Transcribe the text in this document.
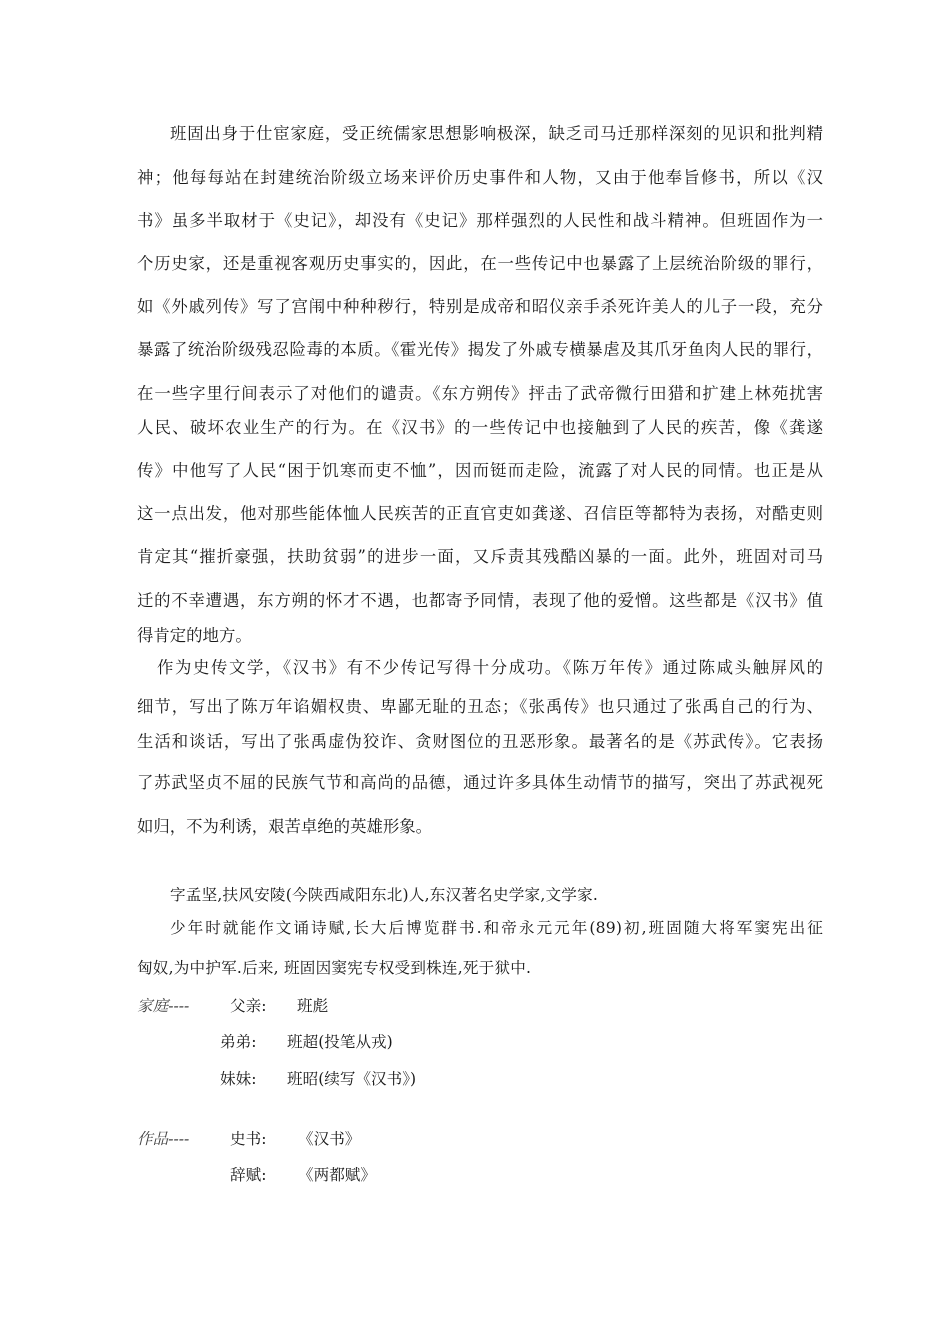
班固出身于仕宦家庭，受正统儒家思想影响极深，缺乏司马迁那样深刻的见识和批判精
神；他每每站在封建统治阶级立场来评价历史事件和人物，又由于他奉旨修书，所以《汉
书》虽多半取材于《史记》，却没有《史记》那样强烈的人民性和战斗精神。但班固作为一
个历史家，还是重视客观历史事实的，因此，在一些传记中也暴露了上层统治阶级的罪行，
如《外戚列传》写了宫闱中种种秽行，特别是成帝和昭仪亲手杀死许美人的儿子一段，充分
暴露了统治阶级残忍险毒的本质。《霍光传》揭发了外戚专横暴虐及其爪牙鱼肉人民的罪行，
在一些字里行间表示了对他们的谴责。《东方朔传》抨击了武帝微行田猎和扩建上林苑扰害
人民、破坏农业生产的行为。在《汉书》的一些传记中也接触到了人民的疾苦，像《龚遂
传》中他写了人民“困于饥寒而吏不恤”，因而铤而走险，流露了对人民的同情。也正是从
这一点出发，他对那些能体恤人民疾苦的正直官吏如龚遂、召信臣等都特为表扬，对酷吏则
肯定其“摧折豪强，扶助贫弱”的进步一面，又斥责其残酷凶暴的一面。此外，班固对司马
迁的不幸遭遇，东方朔的怀才不遇，也都寄予同情，表现了他的爱憎。这些都是《汉书》值
得肯定的地方。
作为史传文学，《汉书》有不少传记写得十分成功。《陈万年传》通过陈咸头触屏风的
细节，写出了陈万年谄媚权贵、卑鄙无耻的丑态；《张禹传》也只通过了张禹自己的行为、
生活和谈话，写出了张禹虚伪狡诈、贪财图位的丑恶形象。最著名的是《苏武传》。它表扬
了苏武坚贞不屈的民族气节和高尚的品德，通过许多具体生动情节的描写，突出了苏武视死
如归，不为利诱，艰苦卓绝的英雄形象。
字孟坚,扶风安陵(今陕西咸阳东北)人,东汉著名史学家,文学家.
少年时就能作文诵诗赋,长大后博览群书.和帝永元元年(89)初,班固随大将军窦宪出征
匈奴,为中护军.后来, 班固因窦宪专权受到株连,死于狱中.
家庭----	父亲: 班彪
弟弟: 班超(投笔从戎)
妹妹: 班昭(续写《汉书》)
作品----	史书: 《汉书》
辞赋: 《两都赋》
